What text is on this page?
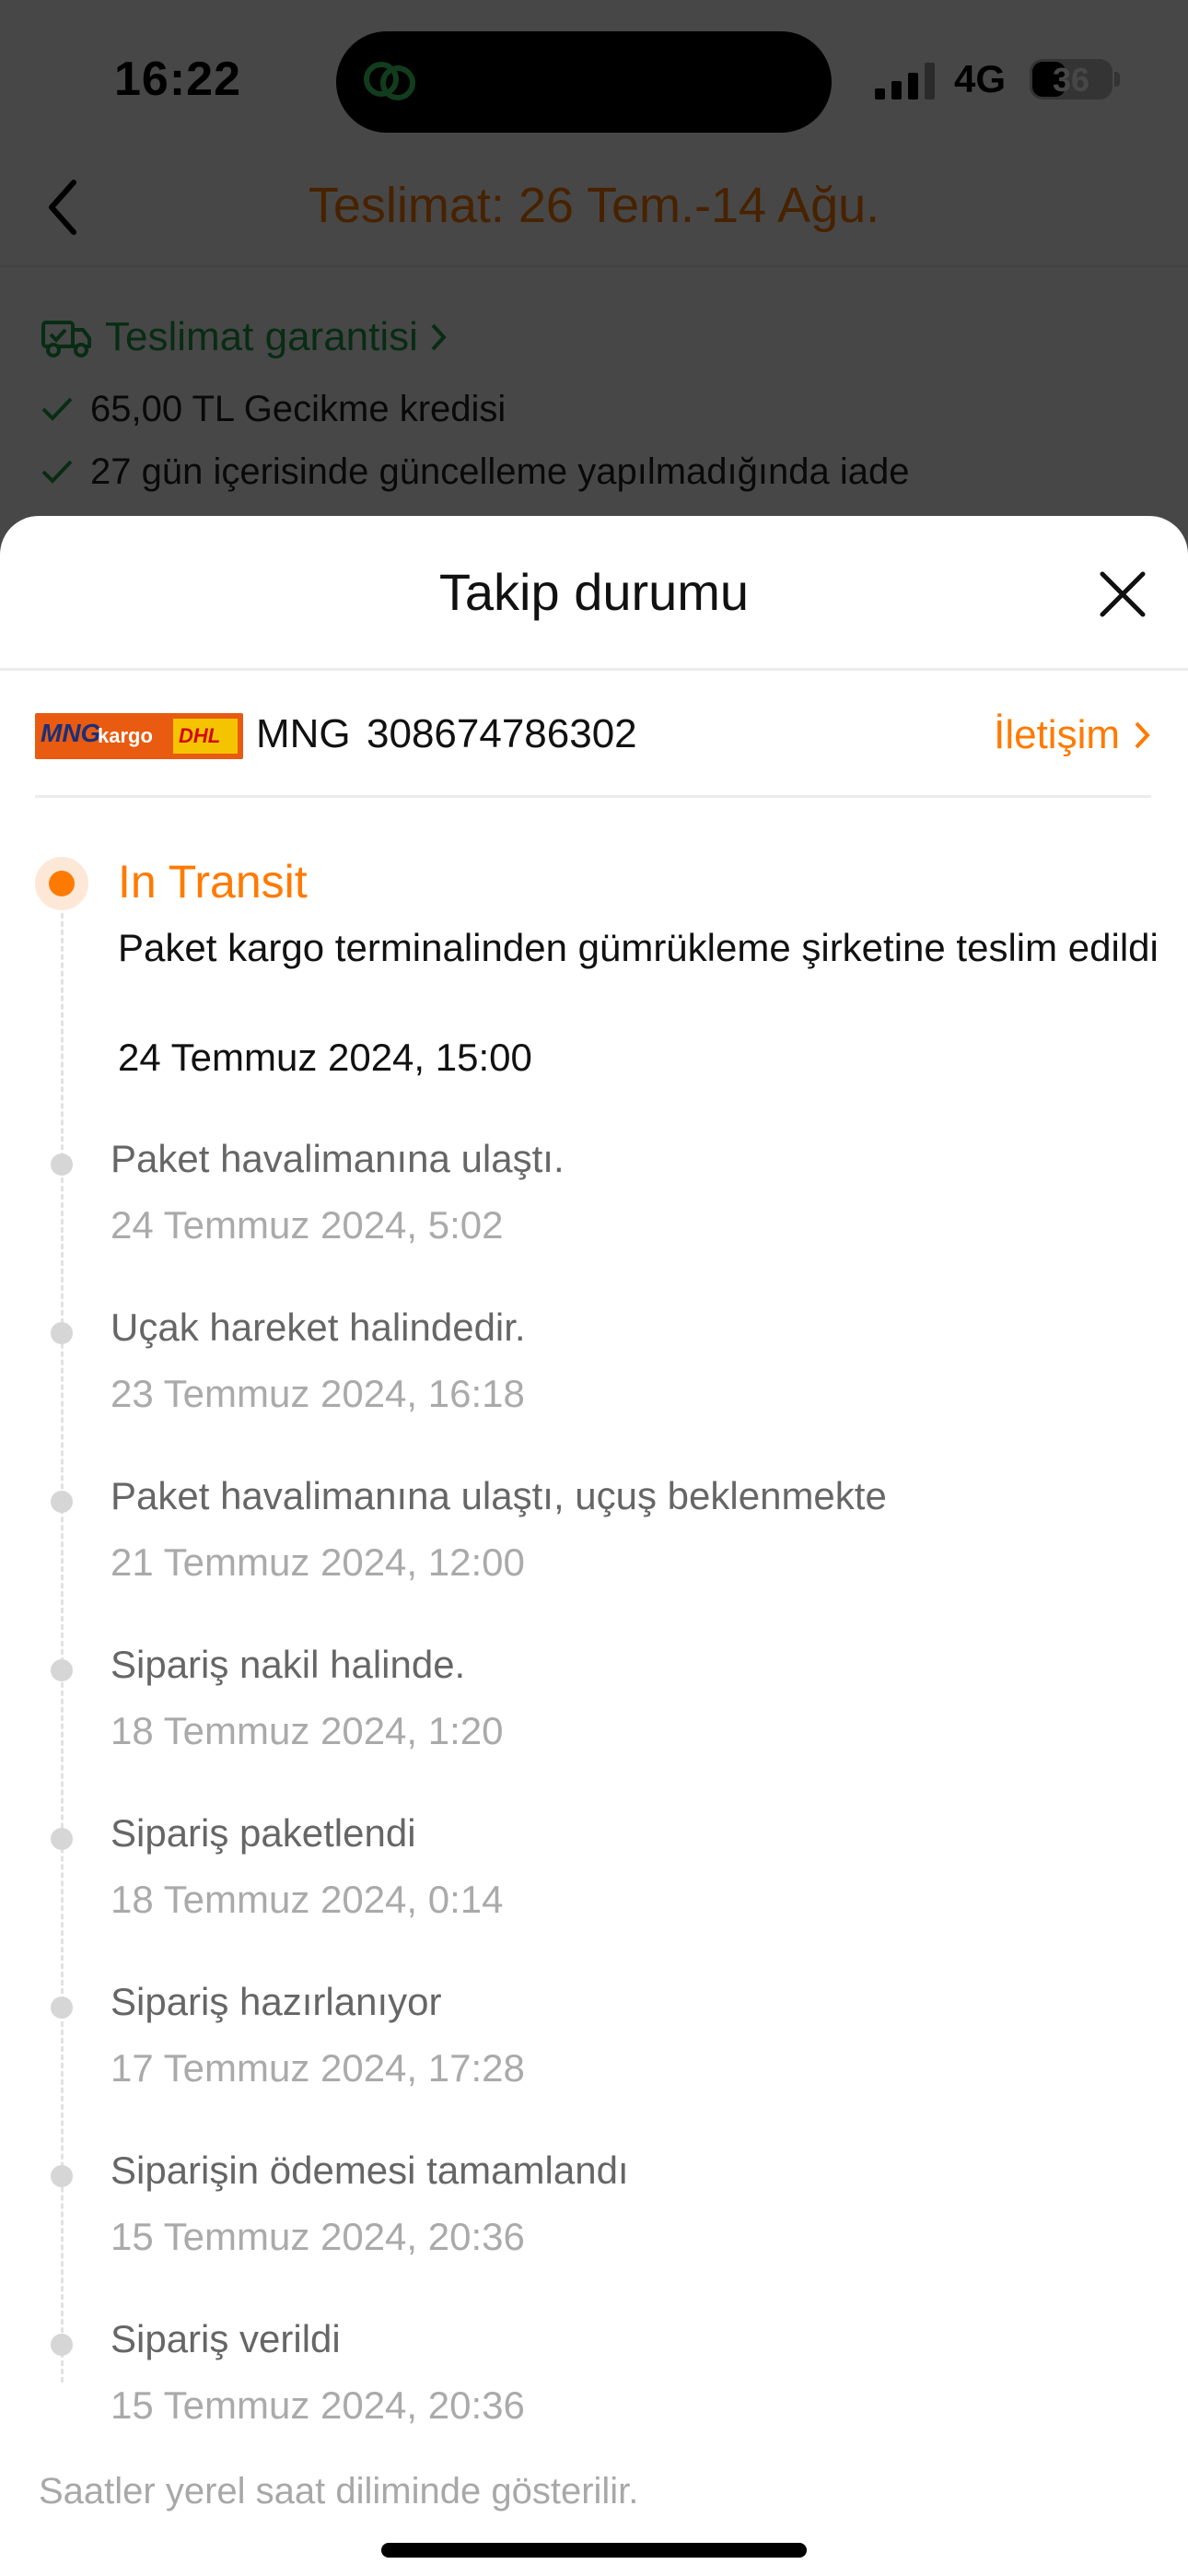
Takip durumu
MNG
kargo DHL MNG 308674786302	İletişim
In Transit
Paket kargo terminalinden gümrükleme şirketine teslim edildi
24 Temmuz 2024, 15:00
Paket havalimanına ulaştı.
24 Temmuz 2024, 5:02
Uçak hareket halindedir.
23 Temmuz 2024, 16:18
Paket havalimanına ulaştı, uçuş beklenmekte
21 Temmuz 2024, 12:00
Sipariş nakil halinde.
18 Temmuz 2024, 1:20
Sipariş paketlendi
18 Temmuz 2024, 0:14
Sipariş hazırlanıyor
17 Temmuz 2024, 17:28
Siparişin ödemesi tamamlandı
15 Temmuz 2024, 20:36
Sipariş verildi
15 Temmuz 2024, 20:36
Saatler yerel saat diliminde gösterilir.
